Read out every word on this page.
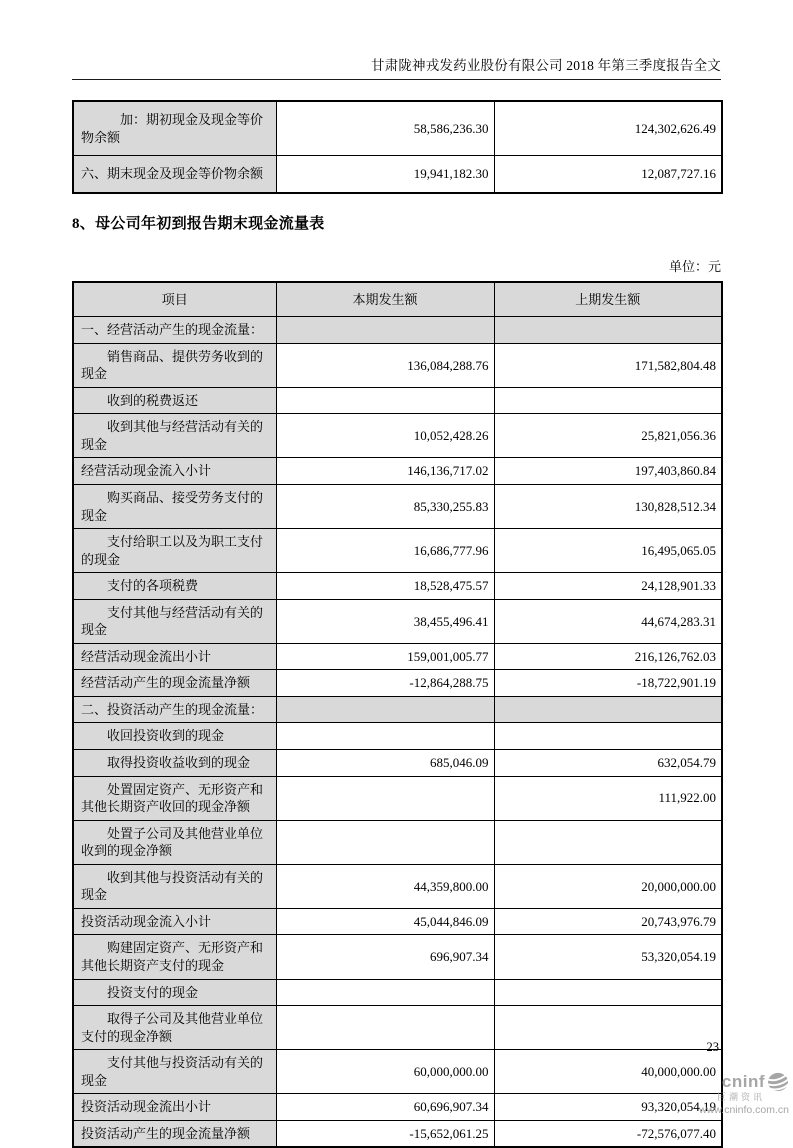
甘肃陇神戎发药业股份有限公司 2018 年第三季度报告全文
加：期初现金及现金等价物余额	58,586,236.30	124,302,626.49
六、期末现金及现金等价物余额	19,941,182.30	12,087,727.16
8、母公司年初到报告期末现金流量表
单位：元
项目	本期发生额	上期发生额
一、经营活动产生的现金流量：		
销售商品、提供劳务收到的现金	136,084,288.76	171,582,804.48
收到的税费返还		
收到其他与经营活动有关的现金	10,052,428.26	25,821,056.36
经营活动现金流入小计	146,136,717.02	197,403,860.84
购买商品、接受劳务支付的现金	85,330,255.83	130,828,512.34
支付给职工以及为职工支付的现金	16,686,777.96	16,495,065.05
支付的各项税费	18,528,475.57	24,128,901.33
支付其他与经营活动有关的现金	38,455,496.41	44,674,283.31
经营活动现金流出小计	159,001,005.77	216,126,762.03
经营活动产生的现金流量净额	-12,864,288.75	-18,722,901.19
二、投资活动产生的现金流量：		
收回投资收到的现金		
取得投资收益收到的现金	685,046.09	632,054.79
处置固定资产、无形资产和其他长期资产收回的现金净额		111,922.00
处置子公司及其他营业单位收到的现金净额		
收到其他与投资活动有关的现金	44,359,800.00	20,000,000.00
投资活动现金流入小计	45,044,846.09	20,743,976.79
购建固定资产、无形资产和其他长期资产支付的现金	696,907.34	53,320,054.19
投资支付的现金		
取得子公司及其他营业单位支付的现金净额		
支付其他与投资活动有关的现金	60,000,000.00	40,000,000.00
投资活动现金流出小计	60,696,907.34	93,320,054.19
投资活动产生的现金流量净额	-15,652,061.25	-72,576,077.40
23
cninf
巨潮资讯
www.cninfo.com.cn
